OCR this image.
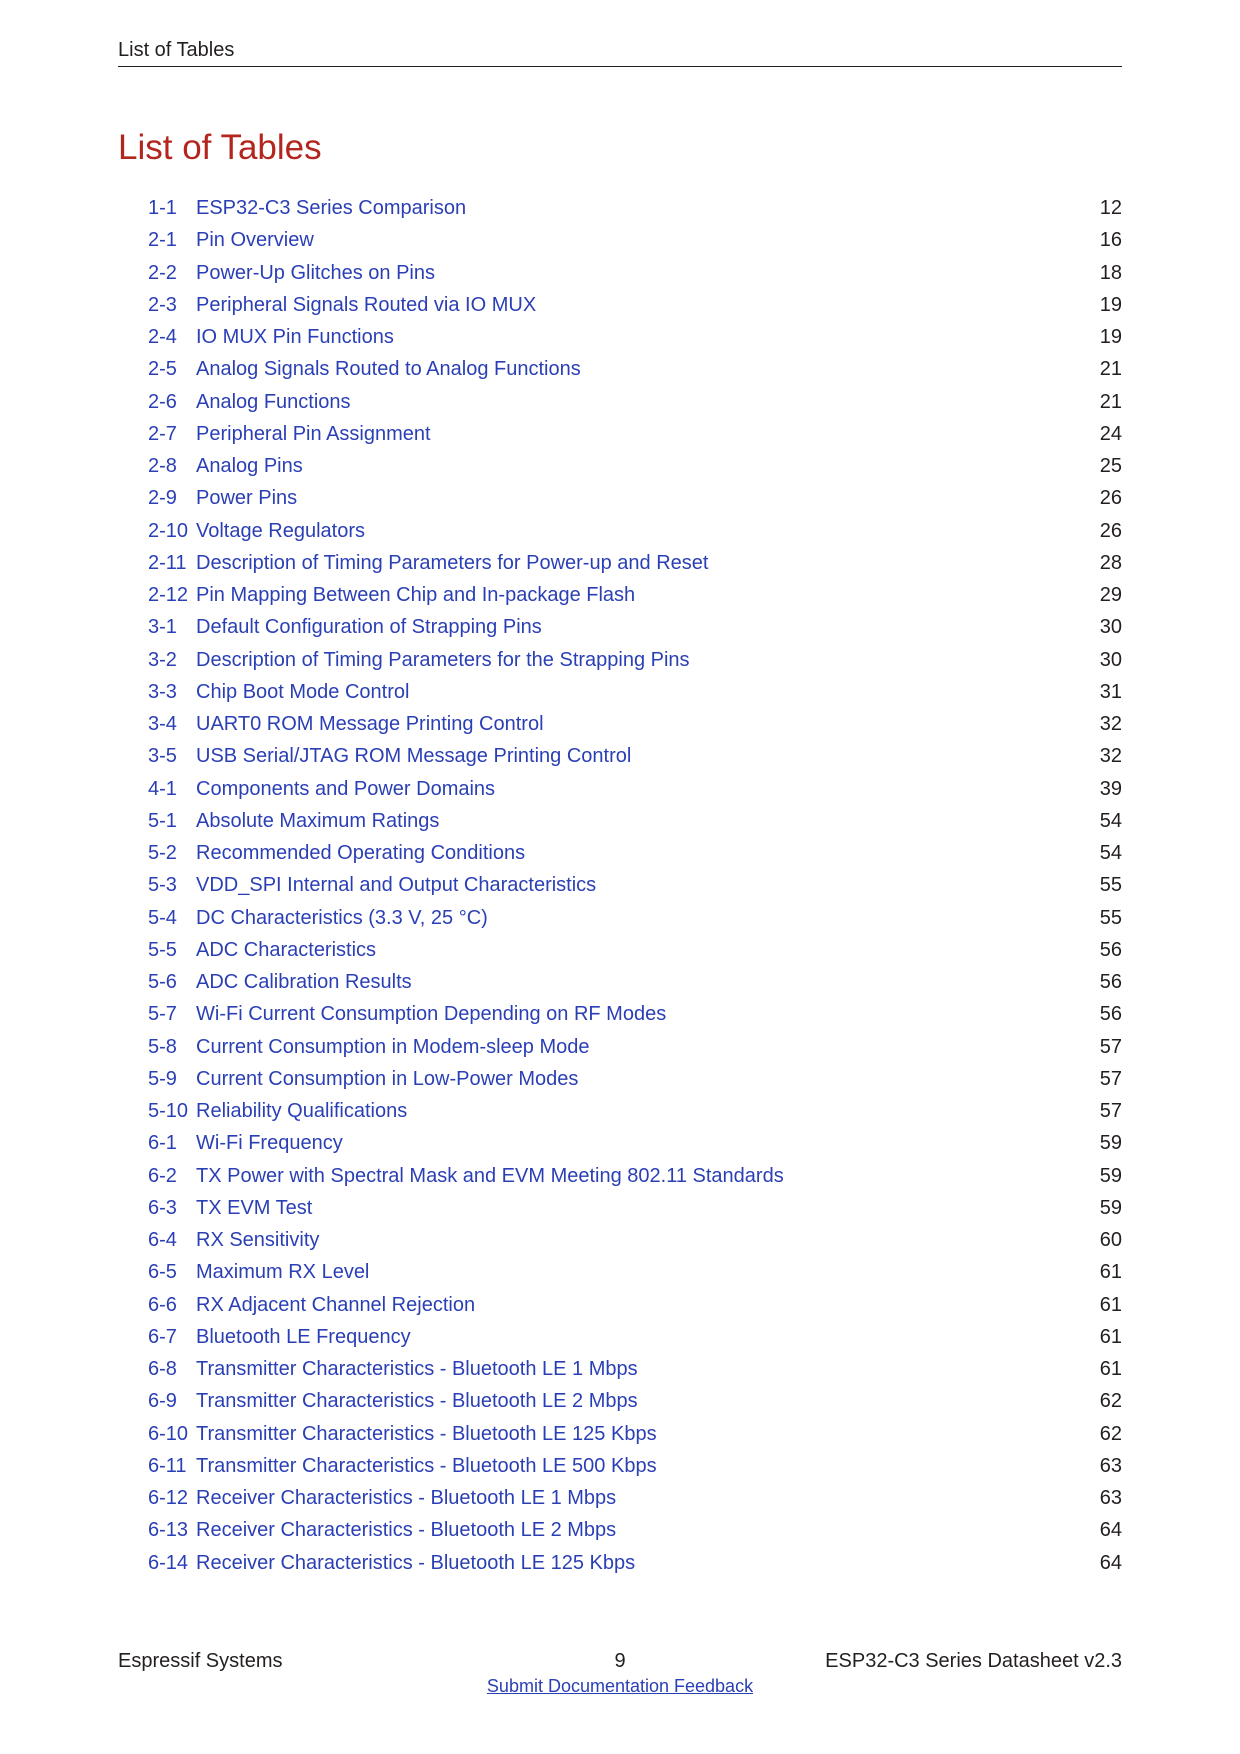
List of Tables
List of Tables
1-1 ESP32-C3 Series Comparison	12
2-1 Pin Overview	16
2-2 Power-Up Glitches on Pins	18
2-3 Peripheral Signals Routed via IO MUX	19
2-4 IO MUX Pin Functions	19
2-5 Analog Signals Routed to Analog Functions	21
2-6 Analog Functions	21
2-7 Peripheral Pin Assignment	24
2-8 Analog Pins	25
2-9 Power Pins	26
2-10 Voltage Regulators	26
2-11 Description of Timing Parameters for Power-up and Reset	28
2-12 Pin Mapping Between Chip and In-package Flash	29
3-1 Default Configuration of Strapping Pins	30
3-2 Description of Timing Parameters for the Strapping Pins	30
3-3 Chip Boot Mode Control	31
3-4 UART0 ROM Message Printing Control	32
3-5 USB Serial/JTAG ROM Message Printing Control	32
4-1 Components and Power Domains	39
5-1 Absolute Maximum Ratings	54
5-2 Recommended Operating Conditions	54
5-3 VDD_SPI Internal and Output Characteristics	55
5-4 DC Characteristics (3.3 V, 25 °C)	55
5-5 ADC Characteristics	56
5-6 ADC Calibration Results	56
5-7 Wi-Fi Current Consumption Depending on RF Modes	56
5-8 Current Consumption in Modem-sleep Mode	57
5-9 Current Consumption in Low-Power Modes	57
5-10 Reliability Qualifications	57
6-1 Wi-Fi Frequency	59
6-2 TX Power with Spectral Mask and EVM Meeting 802.11 Standards	59
6-3 TX EVM Test	59
6-4 RX Sensitivity	60
6-5 Maximum RX Level	61
6-6 RX Adjacent Channel Rejection	61
6-7 Bluetooth LE Frequency	61
6-8 Transmitter Characteristics - Bluetooth LE 1 Mbps	61
6-9 Transmitter Characteristics - Bluetooth LE 2 Mbps	62
6-10 Transmitter Characteristics - Bluetooth LE 125 Kbps	62
6-11 Transmitter Characteristics - Bluetooth LE 500 Kbps	63
6-12 Receiver Characteristics - Bluetooth LE 1 Mbps	63
6-13 Receiver Characteristics - Bluetooth LE 2 Mbps	64
6-14 Receiver Characteristics - Bluetooth LE 125 Kbps	64
Espressif Systems	9	ESP32-C3 Series Datasheet v2.3
Submit Documentation Feedback
